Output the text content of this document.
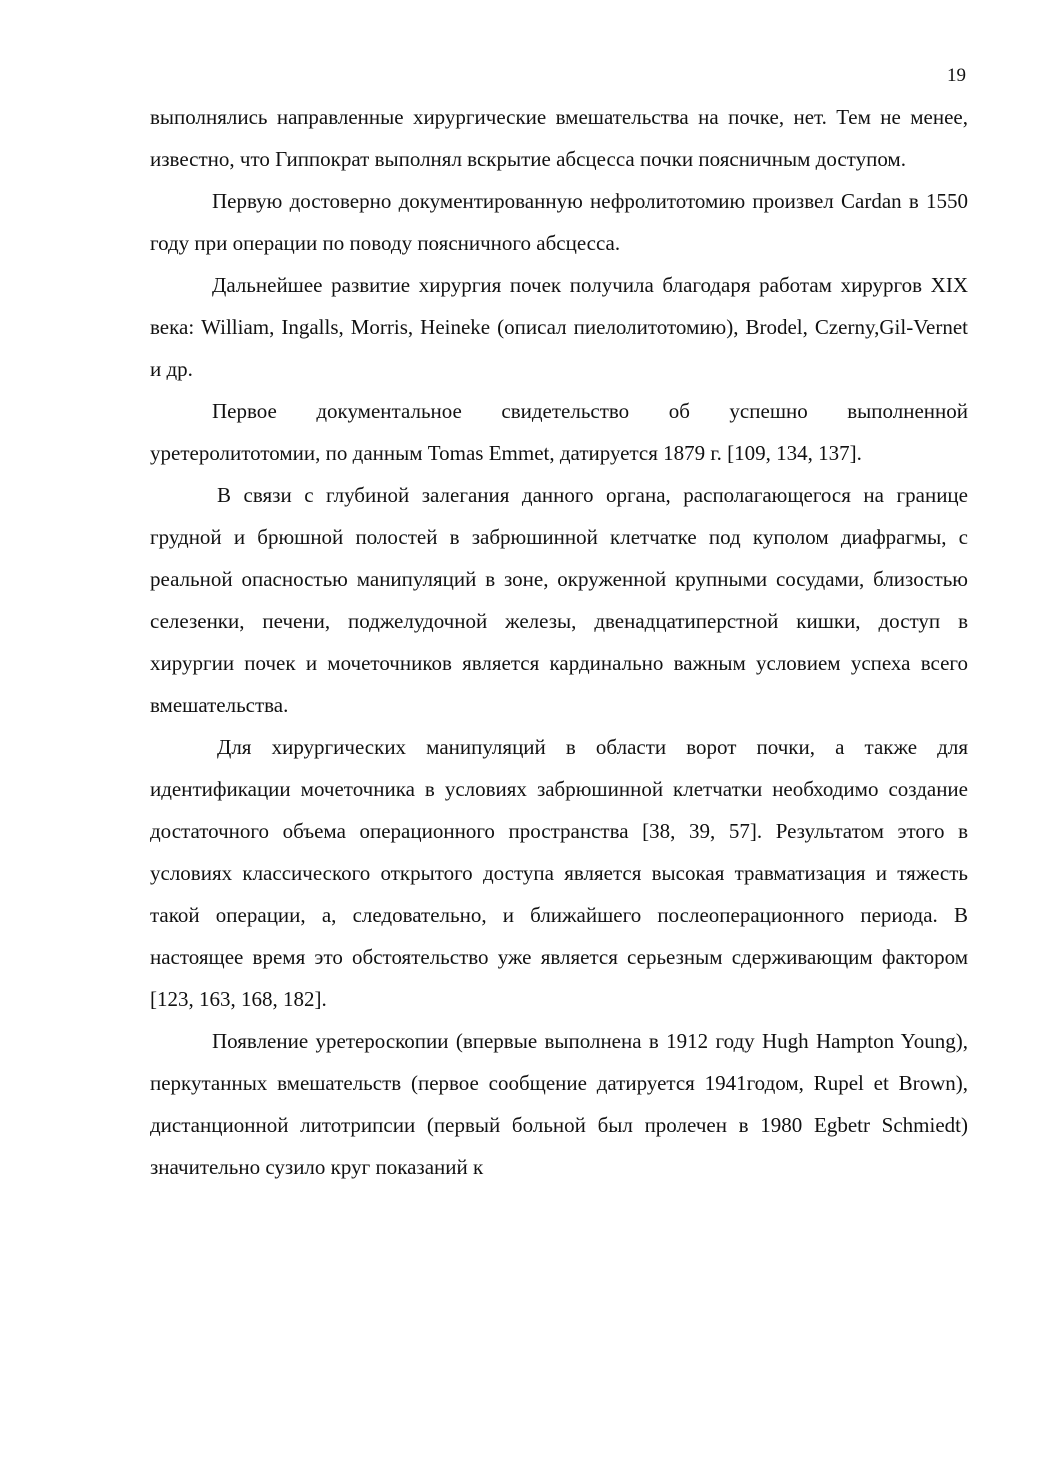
19

выполнялись направленные хирургические вмешательства на почке, нет. Тем не менее, известно, что Гиппократ выполнял вскрытие абсцесса почки поясничным доступом.

Первую достоверно документированную нефролитотомию произвел Cardan в 1550 году при операции по поводу поясничного абсцесса.

Дальнейшее развитие хирургия почек получила благодаря работам хирургов XIX века: William, Ingalls, Morris, Heineke (описал пиелолитотомию), Brodel, Czerny,Gil-Vernet и др.

Первое документальное свидетельство об успешно выполненной уретеролитотомии, по данным Tomas Emmet, датируется 1879 г. [109, 134, 137].

В связи с глубиной залегания данного органа, располагающегося на границе грудной и брюшной полостей в забрюшинной клетчатке под куполом диафрагмы, с реальной опасностью манипуляций в зоне, окруженной крупными сосудами, близостью селезенки, печени, поджелудочной железы, двенадцатиперстной кишки, доступ в хирургии почек и мочеточников является кардинально важным условием успеха всего вмешательства.

Для хирургических манипуляций в области ворот почки, а также для идентификации мочеточника в условиях забрюшинной клетчатки необходимо создание достаточного объема операционного пространства [38, 39, 57]. Результатом этого в условиях классического открытого доступа является высокая травматизация и тяжесть такой операции, а, следовательно, и ближайшего послеоперационного периода. В настоящее время это обстоятельство уже является серьезным сдерживающим фактором [123, 163, 168, 182].

Появление уретероскопии (впервые выполнена в 1912 году Hugh Hampton Young), перкутанных вмешательств (первое сообщение датируется 1941годом, Rupel et Brown), дистанционной литотрипсии (первый больной был пролечен в 1980 Egbetr Schmiedt) значительно сузило круг показаний к
